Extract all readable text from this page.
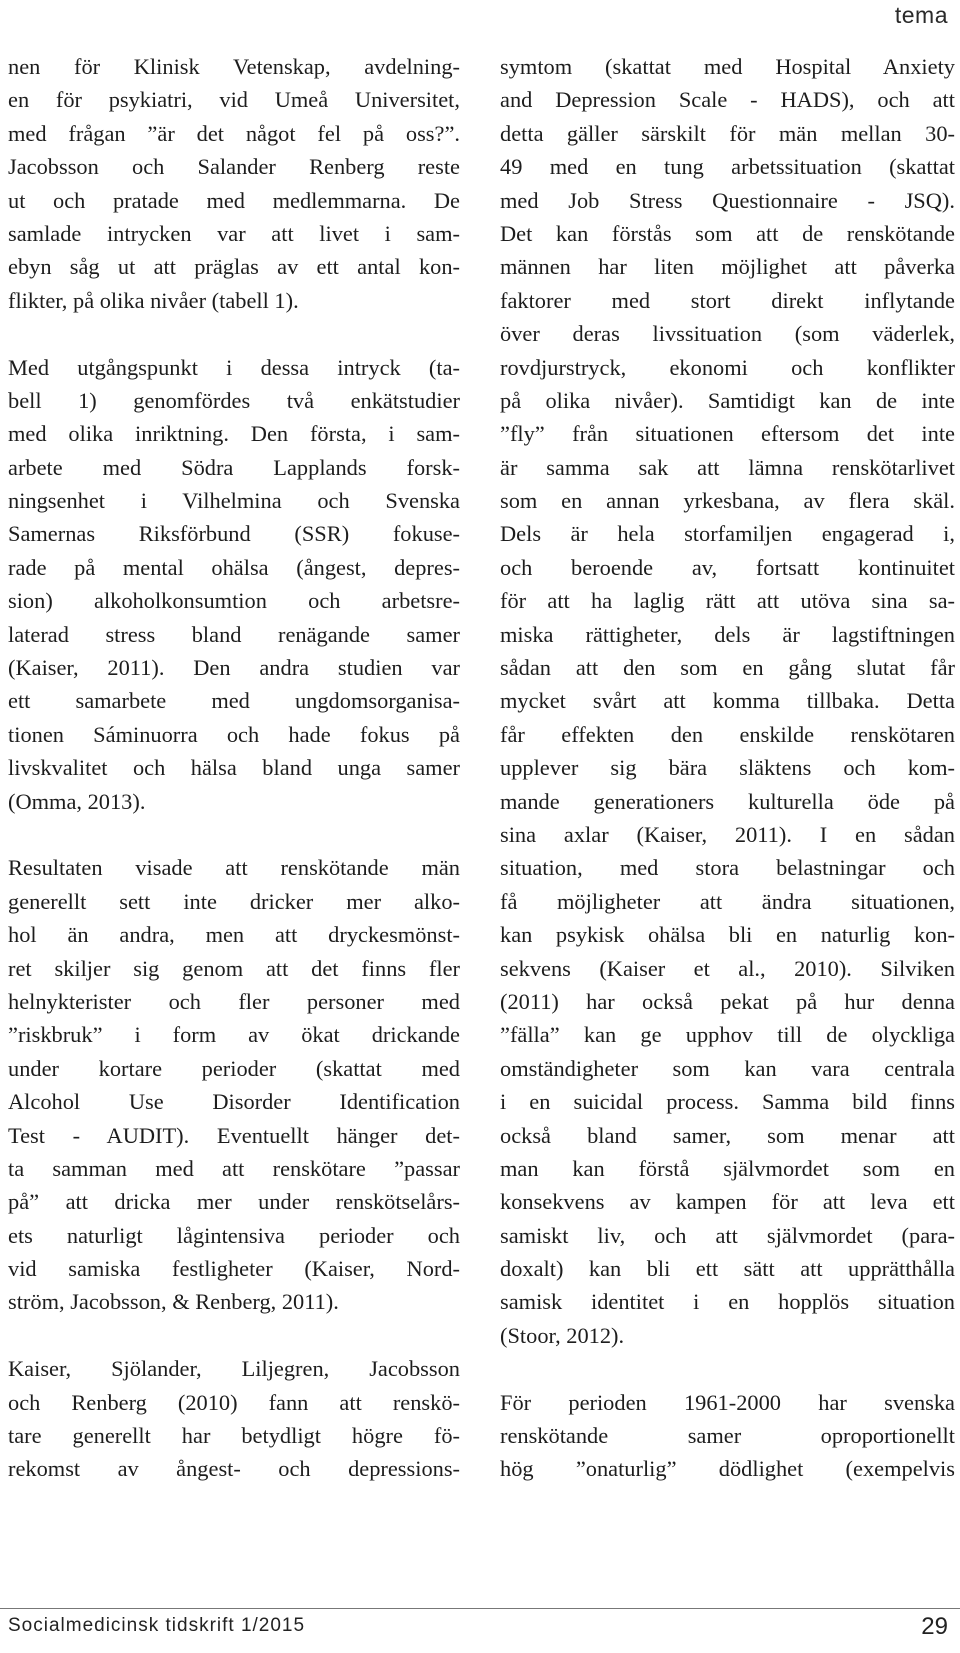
tema
nen för Klinisk Vetenskap, avdelning-
en för psykiatri, vid Umeå Universitet,
med frågan ”är det något fel på oss?”.
Jacobsson och Salander Renberg reste
ut och pratade med medlemmarna. De
samlade intrycken var att livet i sam-
ebyn såg ut att präglas av ett antal kon-
flikter, på olika nivåer (tabell 1).
Med utgångspunkt i dessa intryck (ta-
bell 1) genomfördes två enkätstudier
med olika inriktning. Den första, i sam-
arbete med Södra Lapplands forsk-
ningsenhet i Vilhelmina och Svenska
Samernas Riksförbund (SSR) fokuse-
rade på mental ohälsa (ångest, depres-
sion) alkoholkonsumtion och arbetsre-
laterad stress bland renägande samer
(Kaiser, 2011). Den andra studien var
ett samarbete med ungdomsorganisa-
tionen Sáminuorra och hade fokus på
livskvalitet och hälsa bland unga samer
(Omma, 2013).
Resultaten visade att renskötande män
generellt sett inte dricker mer alko-
hol än andra, men att dryckesmönst-
ret skiljer sig genom att det finns fler
helnykterister och fler personer med
”riskbruk” i form av ökat drickande
under kortare perioder (skattat med
Alcohol Use Disorder Identification
Test - AUDIT). Eventuellt hänger det-
ta samman med att renskötare ”passar
på” att dricka mer under renskötselårs-
ets naturligt lågintensiva perioder och
vid samiska festligheter (Kaiser, Nord-
ström, Jacobsson, & Renberg, 2011).
Kaiser, Sjölander, Liljegren, Jacobsson
och Renberg (2010) fann att renskö-
tare generellt har betydligt högre fö-
rekomst av ångest- och depressions-
symtom (skattat med Hospital Anxiety
and Depression Scale - HADS), och att
detta gäller särskilt för män mellan 30-
49 med en tung arbetssituation (skattat
med Job Stress Questionnaire - JSQ).
Det kan förstås som att de renskötande
männen har liten möjlighet att påverka
faktorer med stort direkt inflytande
över deras livssituation (som väderlek,
rovdjurstryck, ekonomi och konflikter
på olika nivåer). Samtidigt kan de inte
”fly” från situationen eftersom det inte
är samma sak att lämna renskötarlivet
som en annan yrkesbana, av flera skäl.
Dels är hela storfamiljen engagerad i,
och beroende av, fortsatt kontinuitet
för att ha laglig rätt att utöva sina sa-
miska rättigheter, dels är lagstiftningen
sådan att den som en gång slutat får
mycket svårt att komma tillbaka. Detta
får effekten den enskilde renskötaren
upplever sig bära släktens och kom-
mande generationers kulturella öde på
sina axlar (Kaiser, 2011). I en sådan
situation, med stora belastningar och
få möjligheter att ändra situationen,
kan psykisk ohälsa bli en naturlig kon-
sekvens (Kaiser et al., 2010). Silviken
(2011) har också pekat på hur denna
”fälla” kan ge upphov till de olyckliga
omständigheter som kan vara centrala
i en suicidal process. Samma bild finns
också bland samer, som menar att
man kan förstå självmordet som en
konsekvens av kampen för att leva ett
samiskt liv, och att självmordet (para-
doxalt) kan bli ett sätt att upprätthålla
samisk identitet i en hopplös situation
(Stoor, 2012).
För perioden 1961-2000 har svenska
renskötande samer oproportionellt
hög ”onaturlig” dödlighet (exempelvis
Socialmedicinsk tidskrift 1/2015	29
